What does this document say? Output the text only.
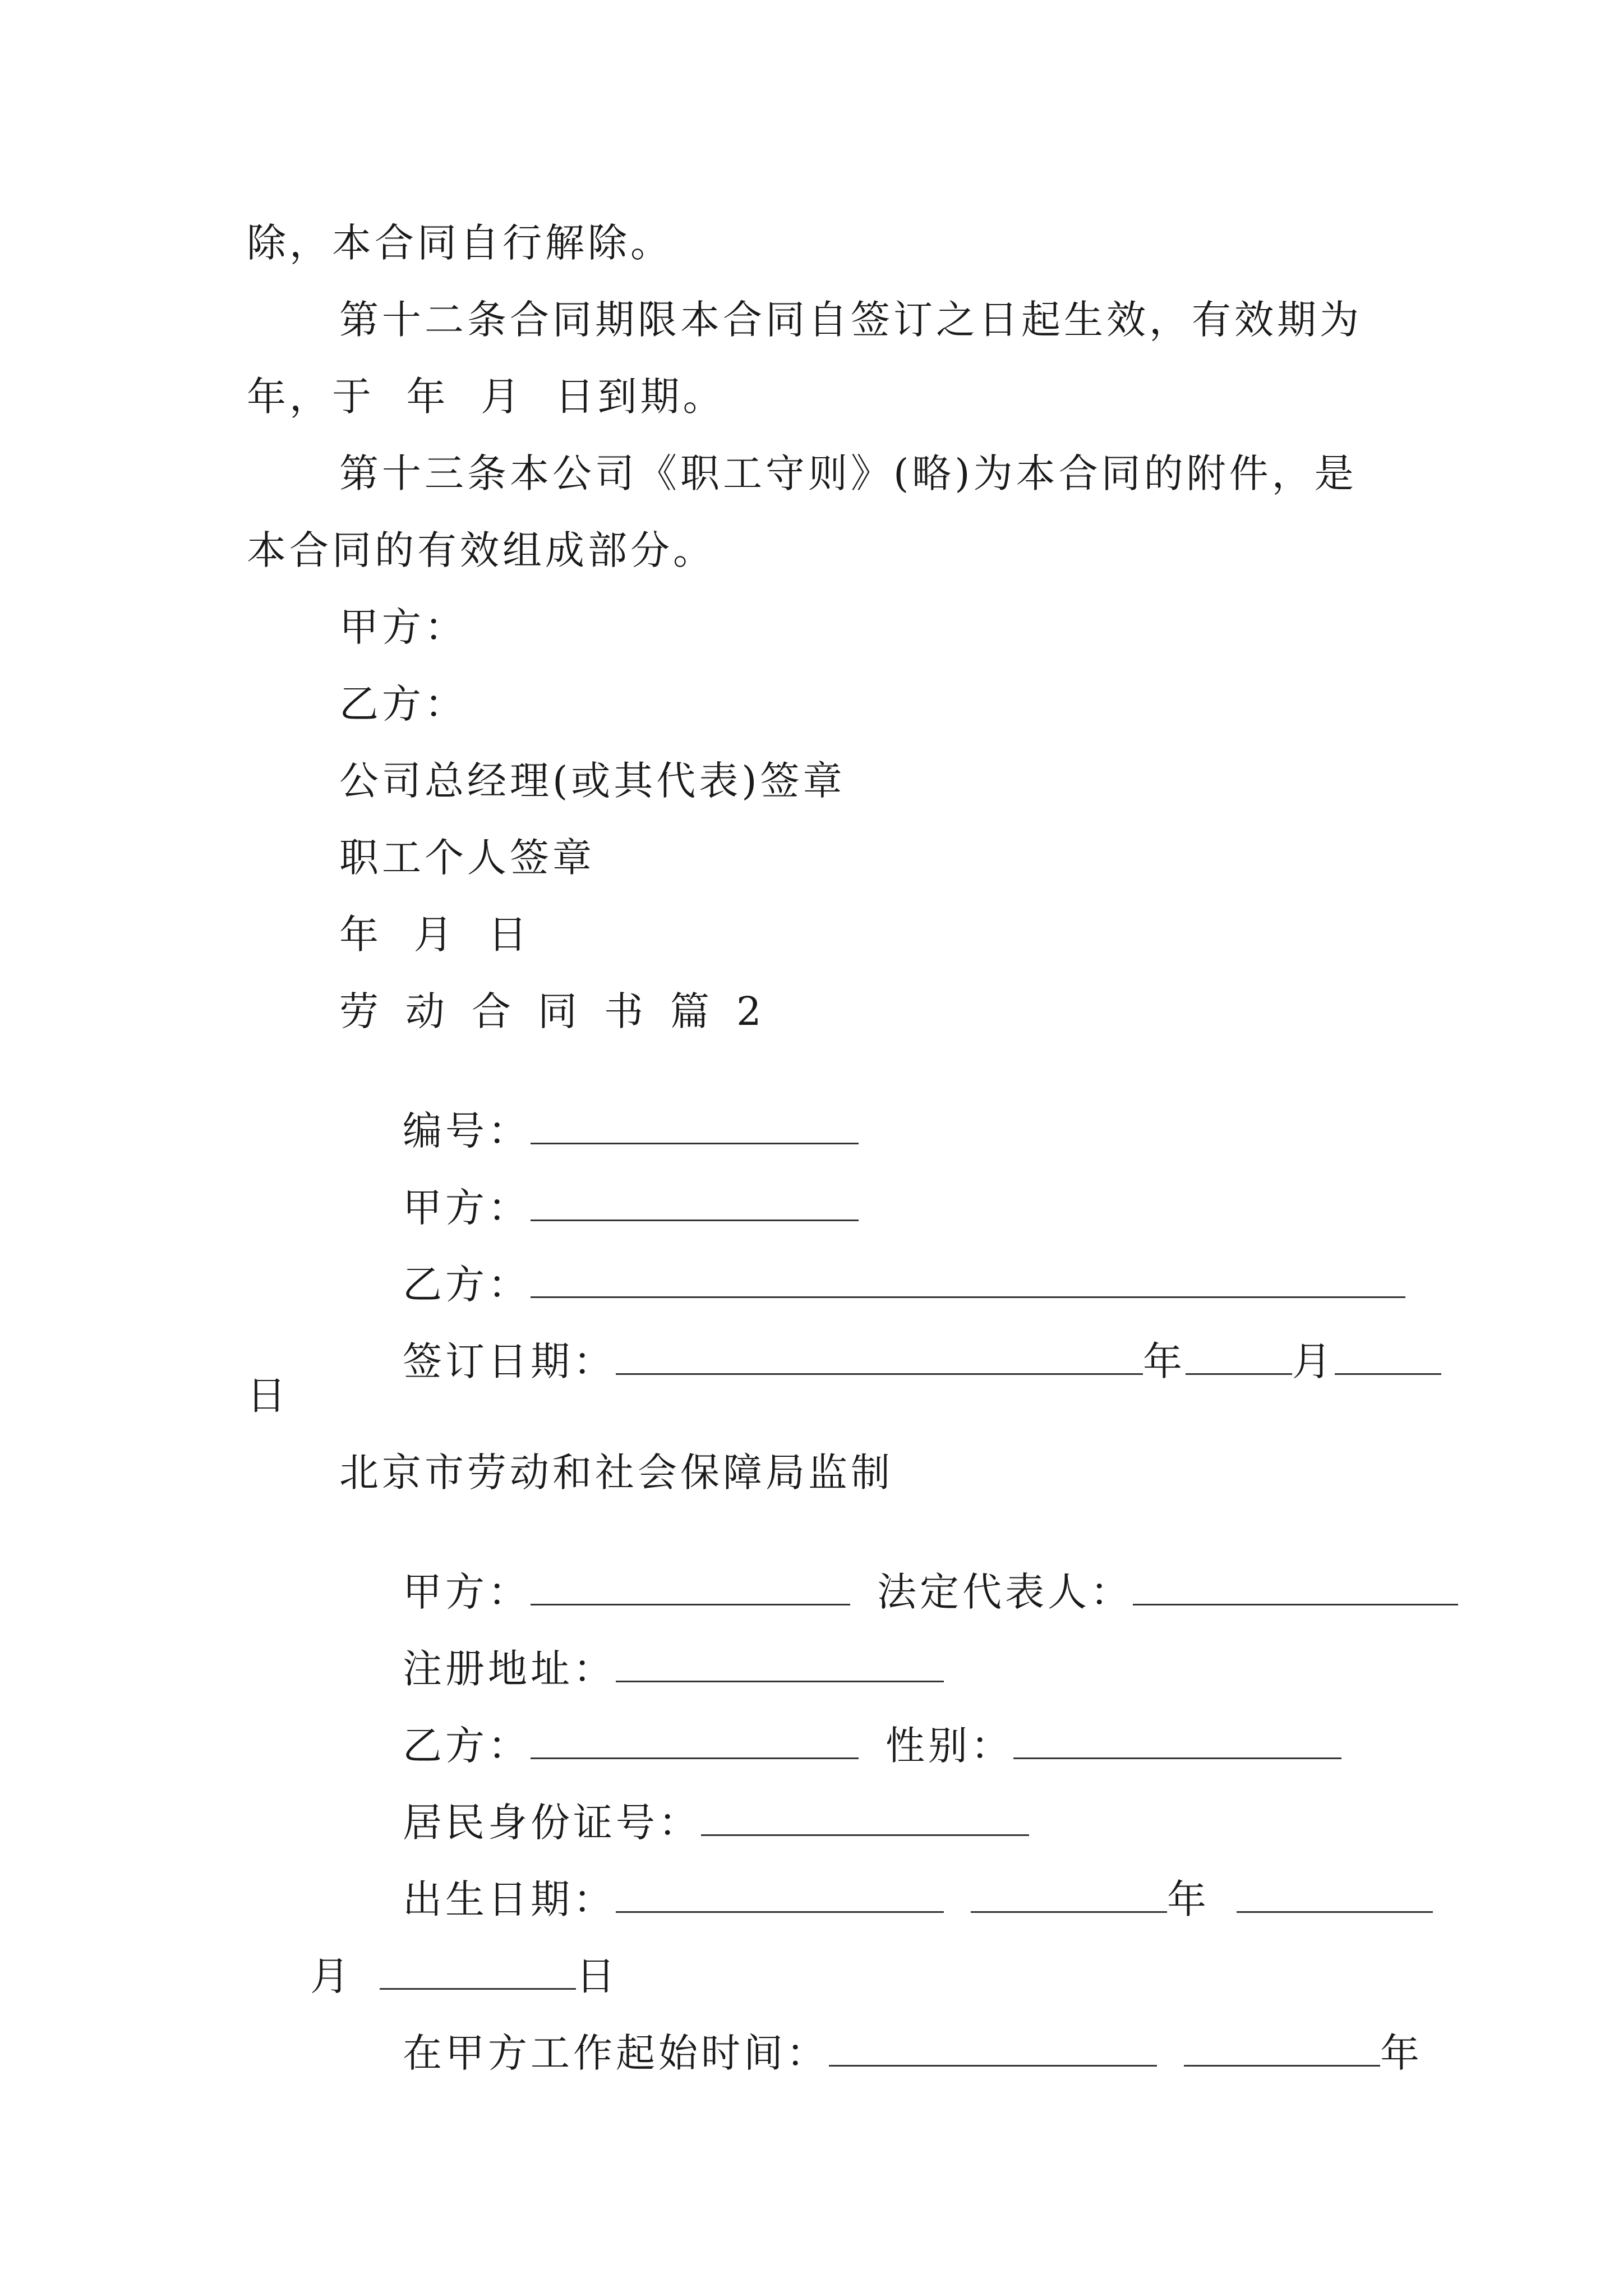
除，本合同自行解除。
第十二条合同期限本合同自签订之日起生效，有效期为
年，于  年  月  日到期。
第十三条本公司《职工守则》(略)为本合同的附件，是
本合同的有效组成部分。
甲方：
乙方：
公司总经理(或其代表)签章
职工个人签章
年  月  日
劳动合同书篇2

编号：

甲方：

乙方：

签订日期：	年	月

日
北京市劳动和社会保障局监制

甲方：	法定代表人：

注册地址：

乙方：	性别：

居民身份证号：

出生日期：	年

月	日

在甲方工作起始时间：	年
